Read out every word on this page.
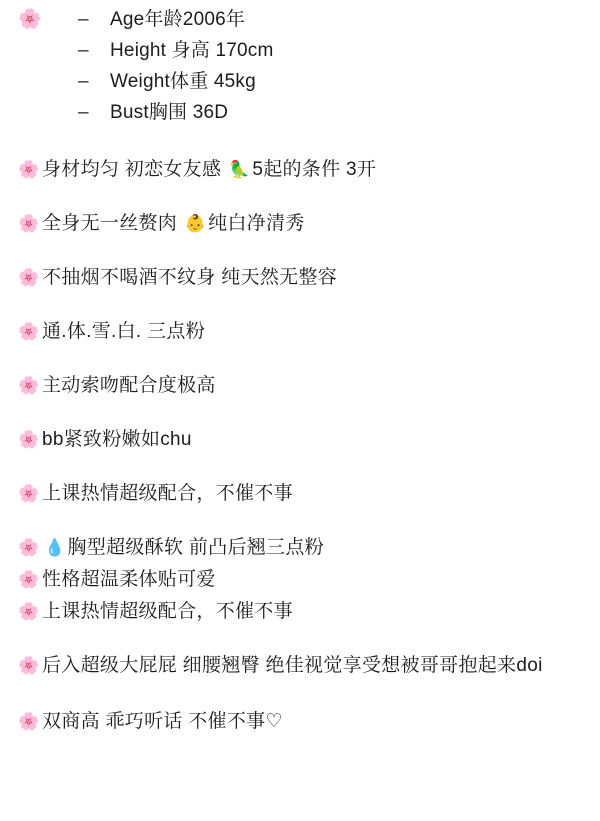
🌸	–	Age年龄2006年
–	Height 身高 170cm
–	Weight体重 45kg
–	Bust胸围 36D
🌸 身材均匀 初恋女友感 🦜 5起的条件 3开
🌸 全身无一丝赘肉 👶 纯白净清秀
🌸 不抽烟不喝酒不纹身 纯天然无整容
🌸 通.体.雪.白. 三点粉
🌸 主动索吻配合度极高
🌸 bb紧致粉嫩如chu
🌸 上课热情超级配合，不催不事
🌸 💧 胸型超级酥软 前凸后翘三点粉
🌸 性格超温柔体贴可爱
🌸 上课热情超级配合，不催不事
🌸 后入超级大屁屁 细腰翘臀 绝佳视觉享受想被哥哥抱起来doi
🌸 双商高 乖巧听话 不催不事♡
